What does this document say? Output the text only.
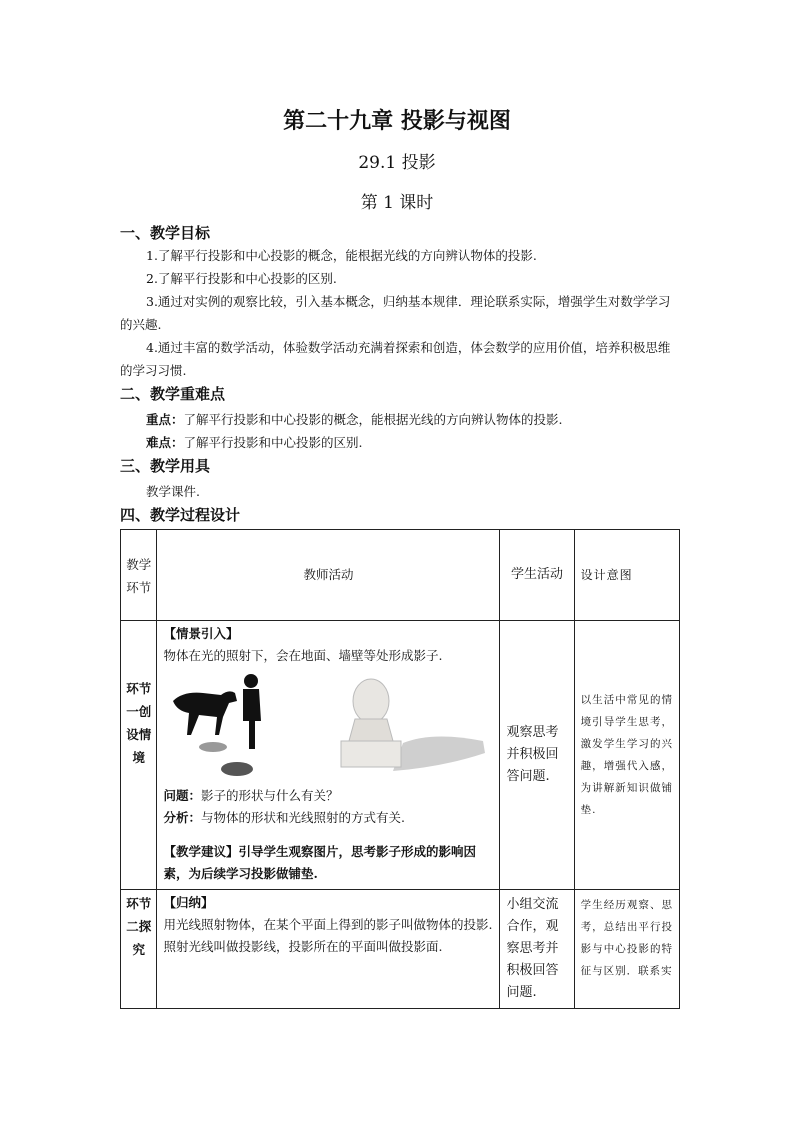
第二十九章 投影与视图
29.1 投影
第 1 课时
一、教学目标
1.了解平行投影和中心投影的概念，能根据光线的方向辨认物体的投影.
2.了解平行投影和中心投影的区别.
3.通过对实例的观察比较，引入基本概念，归纳基本规律．理论联系实际，增强学生对数学学习的兴趣.
4.通过丰富的数学活动，体验数学活动充满着探索和创造，体会数学的应用价值，培养积极思维的学习习惯.
二、教学重难点
重点：了解平行投影和中心投影的概念，能根据光线的方向辨认物体的投影.
难点：了解平行投影和中心投影的区别.
三、教学用具
教学课件.
四、教学过程设计
教学环节	教师活动	学生活动	设计意图
环节一创设情境	【情景引入】
物体在光的照射下，会在地面、墙壁等处形成影子.
问题：影子的形状与什么有关？
分析：与物体的形状和光线照射的方式有关.
【教学建议】引导学生观察图片，思考影子形成的影响因素，为后续学习投影做铺垫.	观察思考并积极回答问题.	以生活中常见的情境引导学生思考，激发学生学习的兴趣，增强代入感，为讲解新知识做铺垫.
环节二探究	【归纳】
用光线照射物体，在某个平面上得到的影子叫做物体的投影.照射光线叫做投影线，投影所在的平面叫做投影面.	小组交流合作，观察思考并积极回答问题.	学生经历观察、思考，总结出平行投影与中心投影的特征与区别．联系实
